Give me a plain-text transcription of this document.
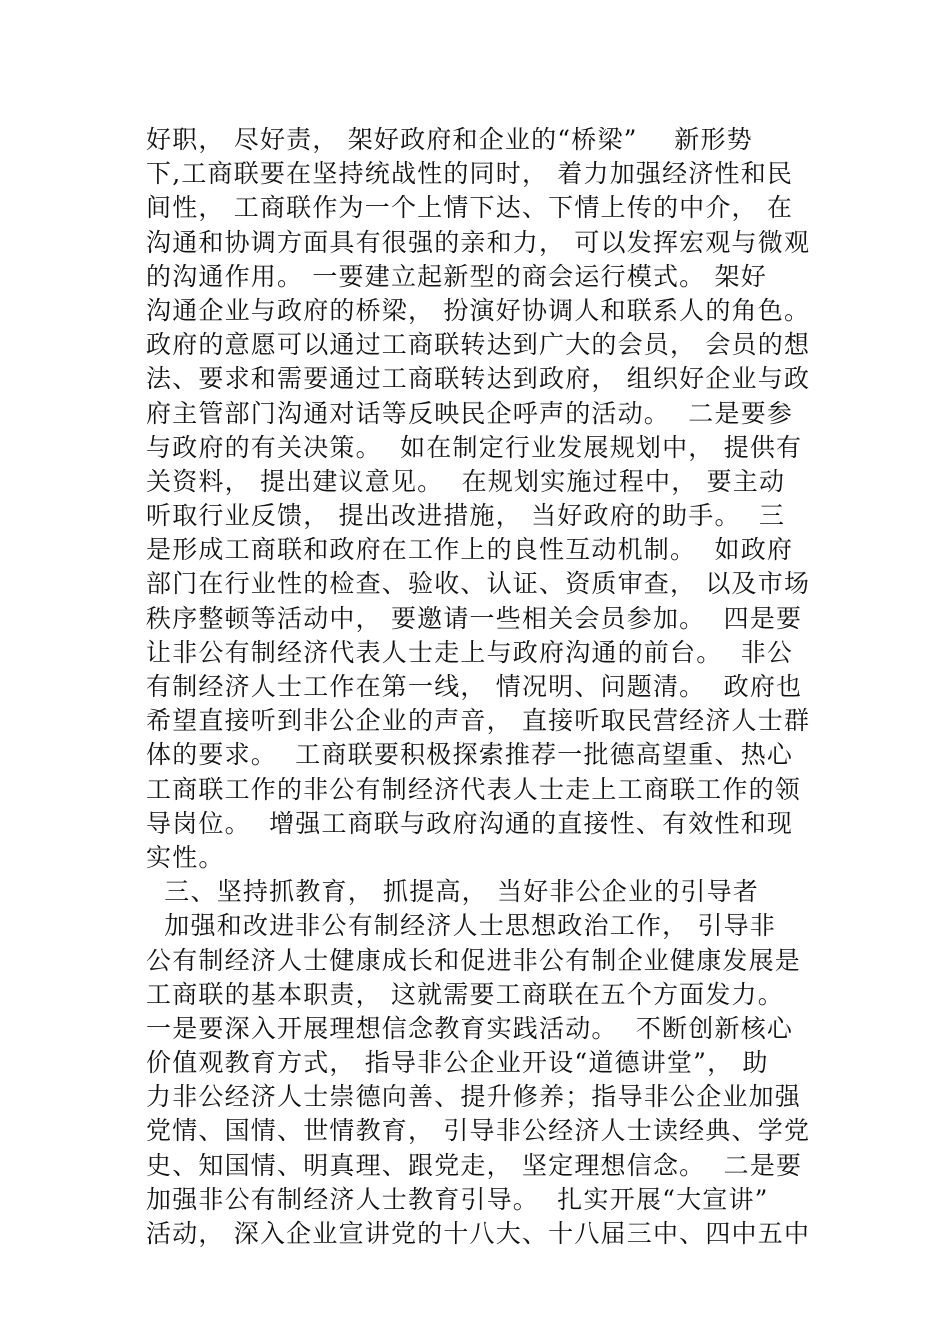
好职， 尽好责， 架好政府和企业的“桥梁”    新形势
下,工商联要在坚持统战性的同时， 着力加强经济性和民
间性， 工商联作为一个上情下达、下情上传的中介， 在
沟通和协调方面具有很强的亲和力， 可以发挥宏观与微观
的沟通作用。 一要建立起新型的商会运行模式。 架好
沟通企业与政府的桥梁， 扮演好协调人和联系人的角色。
政府的意愿可以通过工商联转达到广大的会员， 会员的想
法、要求和需要通过工商联转达到政府， 组织好企业与政
府主管部门沟通对话等反映民企呼声的活动。  二是要参
与政府的有关决策。  如在制定行业发展规划中， 提供有
关资料， 提出建议意见。  在规划实施过程中， 要主动
听取行业反馈， 提出改进措施， 当好政府的助手。  三
是形成工商联和政府在工作上的良性互动机制。  如政府
部门在行业性的检查、验收、认证、资质审查， 以及市场
秩序整顿等活动中， 要邀请一些相关会员参加。  四是要
让非公有制经济代表人士走上与政府沟通的前台。  非公
有制经济人士工作在第一线， 情况明、问题清。  政府也
希望直接听到非公企业的声音， 直接听取民营经济人士群
体的要求。  工商联要积极探索推荐一批德高望重、热心
工商联工作的非公有制经济代表人士走上工商联工作的领
导岗位。  增强工商联与政府沟通的直接性、有效性和现
实性。
三、坚持抓教育， 抓提高， 当好非公企业的引导者
加强和改进非公有制经济人士思想政治工作， 引导非
公有制经济人士健康成长和促进非公有制企业健康发展是
工商联的基本职责， 这就需要工商联在五个方面发力。
一是要深入开展理想信念教育实践活动。  不断创新核心
价值观教育方式， 指导非公企业开设“道德讲堂”， 助
力非公经济人士崇德向善、提升修养；指导非公企业加强
党情、国情、世情教育， 引导非公经济人士读经典、学党
史、知国情、明真理、跟党走， 坚定理想信念。  二是要
加强非公有制经济人士教育引导。  扎实开展“大宣讲”
活动， 深入企业宣讲党的十八大、十八届三中、四中五中
